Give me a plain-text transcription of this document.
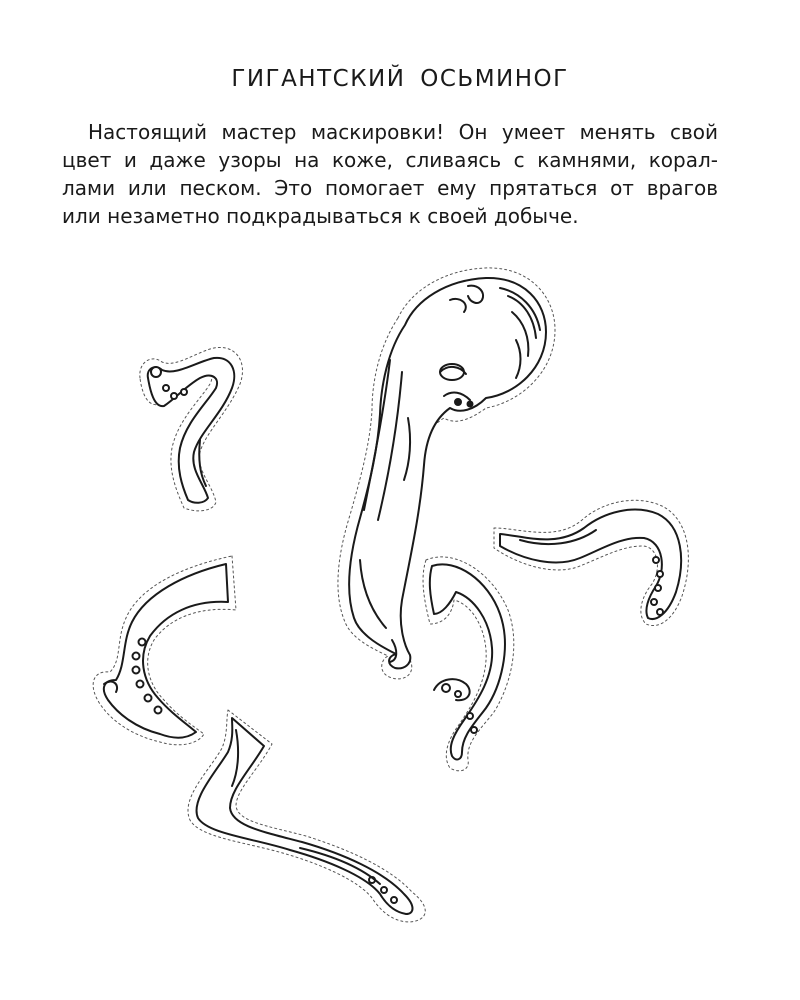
ГИГАНТСКИЙ ОСЬМИНОГ
Настоящий мастер маскировки! Он умеет менять свой
цвет и даже узоры на коже, сливаясь с камнями, корал-
лами или песком. Это помогает ему прятаться от врагов
или незаметно подкрадываться к своей добыче.
